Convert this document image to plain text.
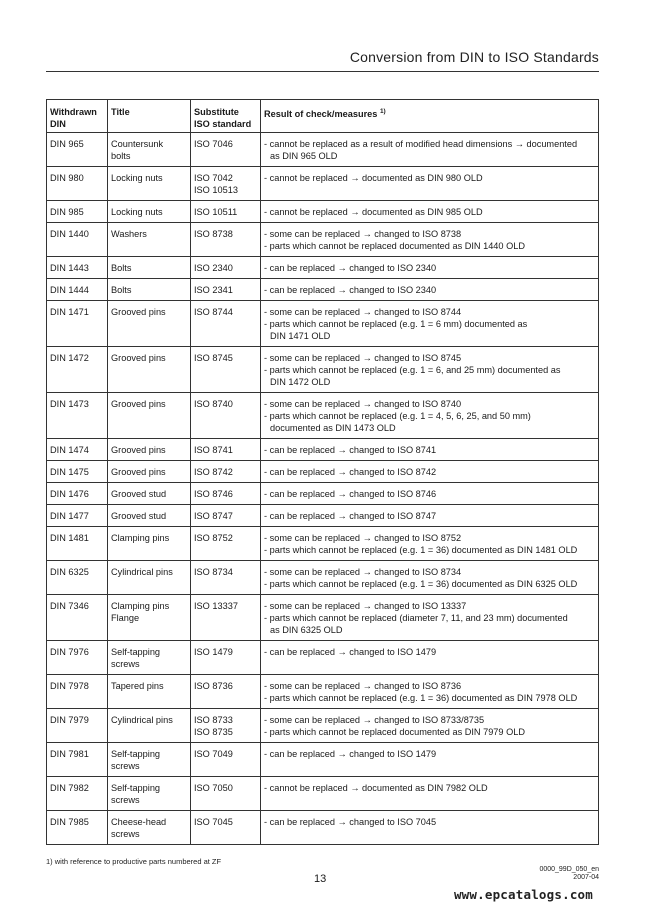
Conversion from DIN to ISO Standards
Withdrawn
DIN	Title	Substitute
ISO standard	Result of check/measures $^{1)}$

DIN 965	Countersunk
bolts	ISO 7046	- cannot be replaced as a result of modified head dimensions → documented
as DIN 965 OLD

DIN 980	Locking nuts	ISO 7042
ISO 10513	- cannot be replaced → documented as DIN 980 OLD

DIN 985	Locking nuts	ISO 10511	- cannot be replaced → documented as DIN 985 OLD

DIN 1440	Washers	ISO 8738	- some can be replaced → changed to ISO 8738
- parts which cannot be replaced documented as DIN 1440 OLD

DIN 1443	Bolts	ISO 2340	- can be replaced → changed to ISO 2340

DIN 1444	Bolts	ISO 2341	- can be replaced → changed to ISO 2340

DIN 1471	Grooved pins	ISO 8744	- some can be replaced → changed to ISO 8744
- parts which cannot be replaced (e.g. 1 = 6 mm) documented as
DIN 1471 OLD

DIN 1472	Grooved pins	ISO 8745	- some can be replaced → changed to ISO 8745
- parts which cannot be replaced (e.g. 1 = 6, and 25 mm) documented as
DIN 1472 OLD

DIN 1473	Grooved pins	ISO 8740	- some can be replaced → changed to ISO 8740
- parts which cannot be replaced (e.g. 1 = 4, 5, 6, 25, and 50 mm)
documented as DIN 1473 OLD

DIN 1474	Grooved pins	ISO 8741	- can be replaced → changed to ISO 8741

DIN 1475	Grooved pins	ISO 8742	- can be replaced → changed to ISO 8742

DIN 1476	Grooved stud	ISO 8746	- can be replaced → changed to ISO 8746

DIN 1477	Grooved stud	ISO 8747	- can be replaced → changed to ISO 8747

DIN 1481	Clamping pins	ISO 8752	- some can be replaced → changed to ISO 8752
- parts which cannot be replaced (e.g. 1 = 36) documented as DIN 1481 OLD

DIN 6325	Cylindrical pins	ISO 8734	- some can be replaced → changed to ISO 8734
- parts which cannot be replaced (e.g. 1 = 36) documented as DIN 6325 OLD

DIN 7346	Clamping pins
Flange	ISO 13337	- some can be replaced → changed to ISO 13337
- parts which cannot be replaced (diameter 7, 11, and 23 mm) documented
as DIN 6325 OLD

DIN 7976	Self-tapping
screws	ISO 1479	- can be replaced → changed to ISO 1479

DIN 7978	Tapered pins	ISO 8736	- some can be replaced → changed to ISO 8736
- parts which cannot be replaced (e.g. 1 = 36) documented as DIN 7978 OLD

DIN 7979	Cylindrical pins	ISO 8733
ISO 8735	- some can be replaced → changed to ISO 8733/8735
- parts which cannot be replaced documented as DIN 7979 OLD

DIN 7981	Self-tapping
screws	ISO 7049	- can be replaced → changed to ISO 1479

DIN 7982	Self-tapping
screws	ISO 7050	- cannot be replaced → documented as DIN 7982 OLD

DIN 7985	Cheese-head
screws	ISO 7045	- can be replaced → changed to ISO 7045
1) with reference to productive parts numbered at ZF
13
0000_99D_050_en
2007-04
www.epcatalogs.com
